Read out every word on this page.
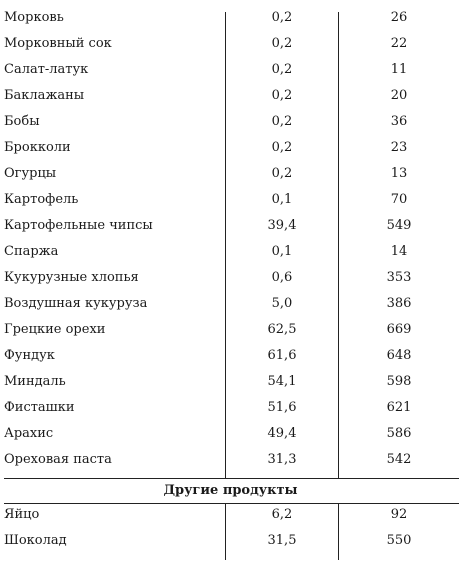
Морковь	0,2	26
Морковный сок	0,2	22
Салат-латук	0,2	11
Баклажаны	0,2	20
Бобы	0,2	36
Брокколи	0,2	23
Огурцы	0,2	13
Картофель	0,1	70
Картофельные чипсы	39,4	549
Спаржа	0,1	14
Кукурузные хлопья	0,6	353
Воздушная кукуруза	5,0	386
Грецкие орехи	62,5	669
Фундук	61,6	648
Миндаль	54,1	598
Фисташки	51,6	621
Арахис	49,4	586
Ореховая паста	31,3	542
Другие продукты
Яйцо	6,2	92
Шоколад	31,5	550
